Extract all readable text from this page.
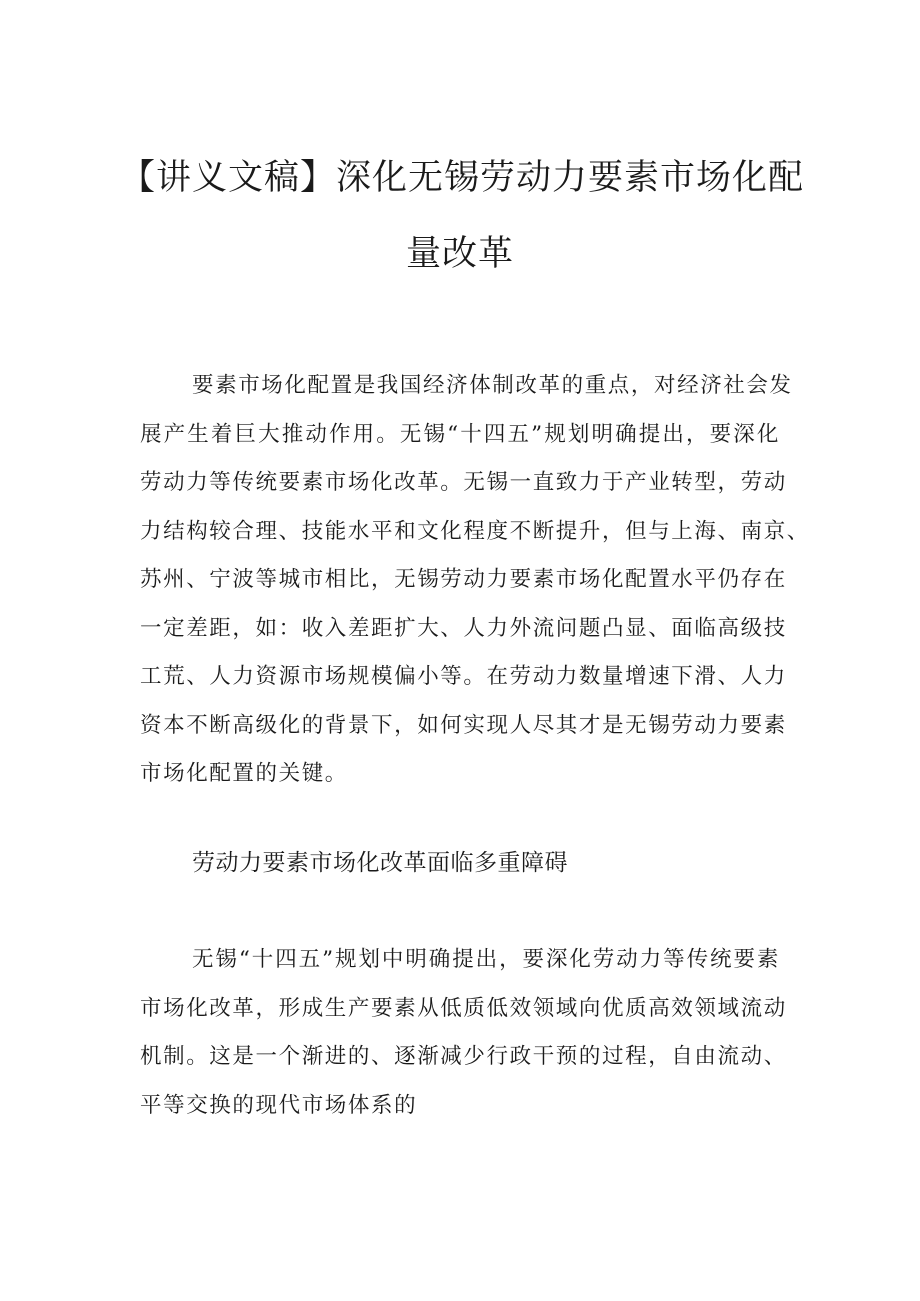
【讲义文稿】深化无锡劳动力要素市场化配
量改革
要素市场化配置是我国经济体制改革的重点，对经济社会发
展产生着巨大推动作用。无锡“十四五”规划明确提出，要深化
劳动力等传统要素市场化改革。无锡一直致力于产业转型，劳动
力结构较合理、技能水平和文化程度不断提升，但与上海、南京、
苏州、宁波等城市相比，无锡劳动力要素市场化配置水平仍存在
一定差距，如：收入差距扩大、人力外流问题凸显、面临高级技
工荒、人力资源市场规模偏小等。在劳动力数量增速下滑、人力
资本不断高级化的背景下，如何实现人尽其才是无锡劳动力要素
市场化配置的关键。
劳动力要素市场化改革面临多重障碍
无锡“十四五”规划中明确提出，要深化劳动力等传统要素
市场化改革，形成生产要素从低质低效领域向优质高效领域流动
机制。这是一个渐进的、逐渐减少行政干预的过程，自由流动、
平等交换的现代市场体系的
